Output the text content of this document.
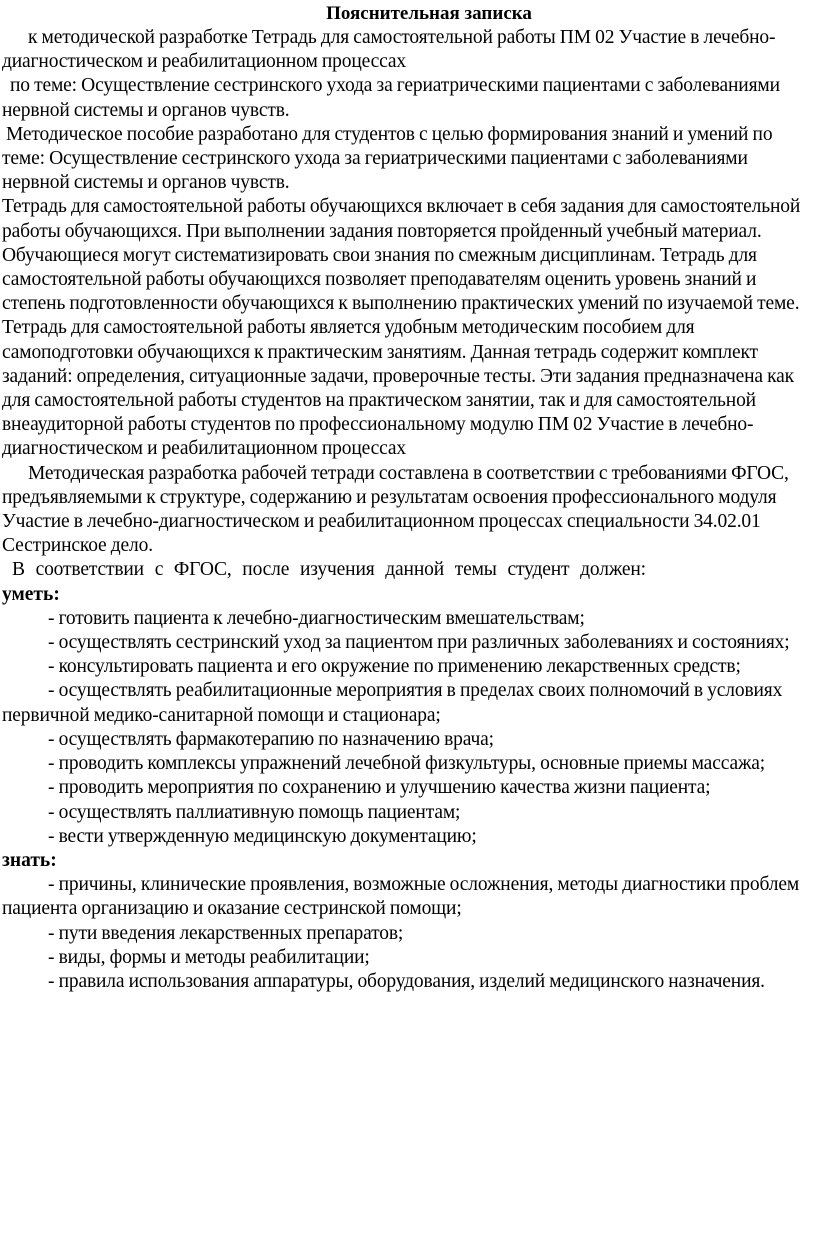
Пояснительная записка

к методической разработке Тетрадь для самостоятельной работы ПМ 02 Участие в лечебно-диагностическом и реабилитационном процессах

по теме: Осуществление сестринского ухода за гериатрическими пациентами с заболеваниями нервной системы и органов чувств.

Методическое пособие разработано для студентов с целью формирования знаний и умений по теме: Осуществление сестринского ухода за гериатрическими пациентами с заболеваниями нервной системы и органов чувств.

Тетрадь для самостоятельной работы обучающихся включает в себя задания для самостоятельной работы обучающихся. При выполнении задания повторяется пройденный учебный материал. Обучающиеся могут систематизировать свои знания по смежным дисциплинам. Тетрадь для самостоятельной работы обучающихся позволяет преподавателям оценить уровень знаний и степень подготовленности обучающихся к выполнению практических умений по изучаемой теме. Тетрадь для самостоятельной работы является удобным методическим пособием для самоподготовки обучающихся к практическим занятиям. Данная тетрадь содержит комплект заданий: определения, ситуационные задачи, проверочные тесты. Эти задания предназначена как для самостоятельной работы студентов на практическом занятии, так и для самостоятельной внеаудиторной работы студентов по профессиональному модулю ПМ 02 Участие в лечебно-диагностическом и реабилитационном процессах

Методическая разработка рабочей тетради составлена в соответствии с требованиями ФГОС, предъявляемыми к структуре, содержанию и результатам освоения профессионального модуля Участие в лечебно-диагностическом и реабилитационном процессах специальности 34.02.01 Сестринское дело.

В соответствии с ФГОС, после изучения данной темы студент должен:

уметь:

- готовить пациента к лечебно-диагностическим вмешательствам;

- осуществлять сестринский уход за пациентом при различных заболеваниях и состояниях;

- консультировать пациента и его окружение по применению лекарственных средств;

- осуществлять реабилитационные мероприятия в пределах своих полномочий в условиях первичной медико-санитарной помощи и стационара;

- осуществлять фармакотерапию по назначению врача;

- проводить комплексы упражнений лечебной физкультуры, основные приемы массажа;

- проводить мероприятия по сохранению и улучшению качества жизни пациента;

- осуществлять паллиативную помощь пациентам;

- вести утвержденную медицинскую документацию;

знать:

- причины, клинические проявления, возможные осложнения, методы диагностики проблем пациента организацию и оказание сестринской помощи;

- пути введения лекарственных препаратов;

- виды, формы и методы реабилитации;

- правила использования аппаратуры, оборудования, изделий медицинского назначения.
